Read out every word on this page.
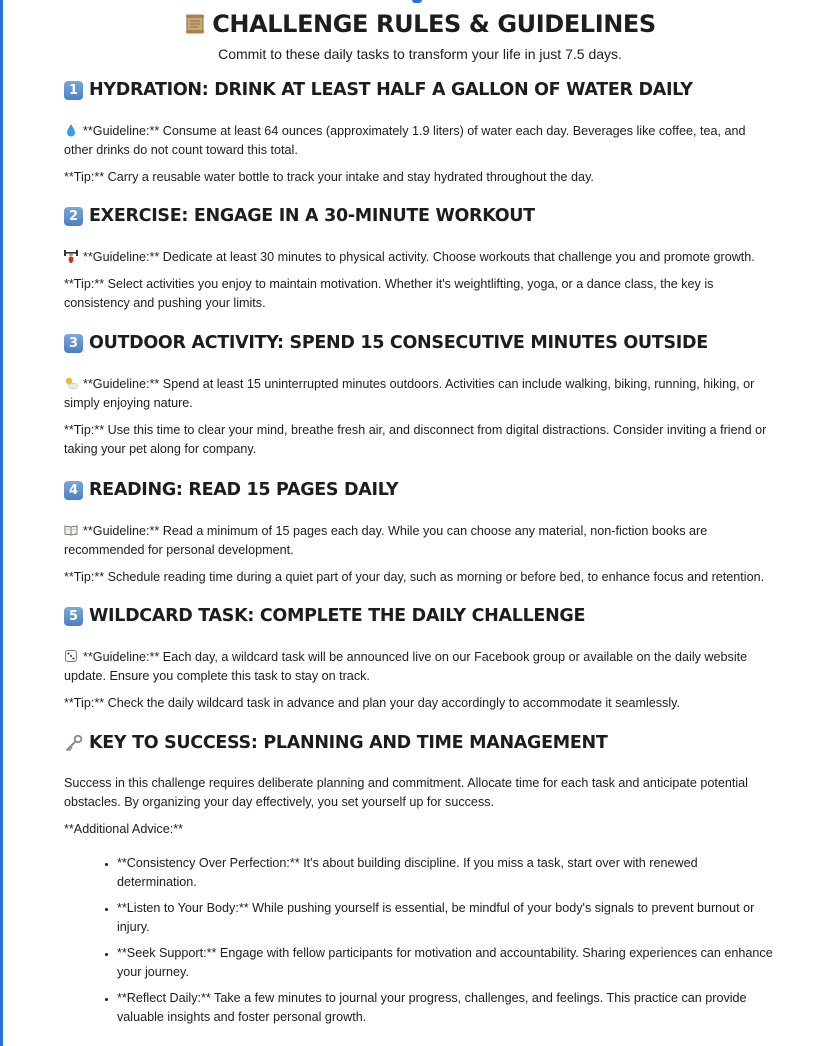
CHALLENGE RULES & GUIDELINES
Commit to these daily tasks to transform your life in just 7.5 days.
1 HYDRATION: DRINK AT LEAST HALF A GALLON OF WATER DAILY

**Guideline:** Consume at least 64 ounces (approximately 1.9 liters) of water each day. Beverages like coffee, tea, and other drinks do not count toward this total.

**Tip:** Carry a reusable water bottle to track your intake and stay hydrated throughout the day.

2 EXERCISE: ENGAGE IN A 30-MINUTE WORKOUT

**Guideline:** Dedicate at least 30 minutes to physical activity. Choose workouts that challenge you and promote growth.

**Tip:** Select activities you enjoy to maintain motivation. Whether it's weightlifting, yoga, or a dance class, the key is consistency and pushing your limits.

3 OUTDOOR ACTIVITY: SPEND 15 CONSECUTIVE MINUTES OUTSIDE

**Guideline:** Spend at least 15 uninterrupted minutes outdoors. Activities can include walking, biking, running, hiking, or simply enjoying nature.

**Tip:** Use this time to clear your mind, breathe fresh air, and disconnect from digital distractions. Consider inviting a friend or taking your pet along for company.

4 READING: READ 15 PAGES DAILY

**Guideline:** Read a minimum of 15 pages each day. While you can choose any material, non-fiction books are recommended for personal development.

**Tip:** Schedule reading time during a quiet part of your day, such as morning or before bed, to enhance focus and retention.

5 WILDCARD TASK: COMPLETE THE DAILY CHALLENGE

**Guideline:** Each day, a wildcard task will be announced live on our Facebook group or available on the daily website update. Ensure you complete this task to stay on track.

**Tip:** Check the daily wildcard task in advance and plan your day accordingly to accommodate it seamlessly.

KEY TO SUCCESS: PLANNING AND TIME MANAGEMENT

Success in this challenge requires deliberate planning and commitment. Allocate time for each task and anticipate potential obstacles. By organizing your day effectively, you set yourself up for success.

**Additional Advice:**

• **Consistency Over Perfection:** It's about building discipline. If you miss a task, start over with renewed determination.
• **Listen to Your Body:** While pushing yourself is essential, be mindful of your body's signals to prevent burnout or injury.
• **Seek Support:** Engage with fellow participants for motivation and accountability. Sharing experiences can enhance your journey.
• **Reflect Daily:** Take a few minutes to journal your progress, challenges, and feelings. This practice can provide valuable insights and foster personal growth.
